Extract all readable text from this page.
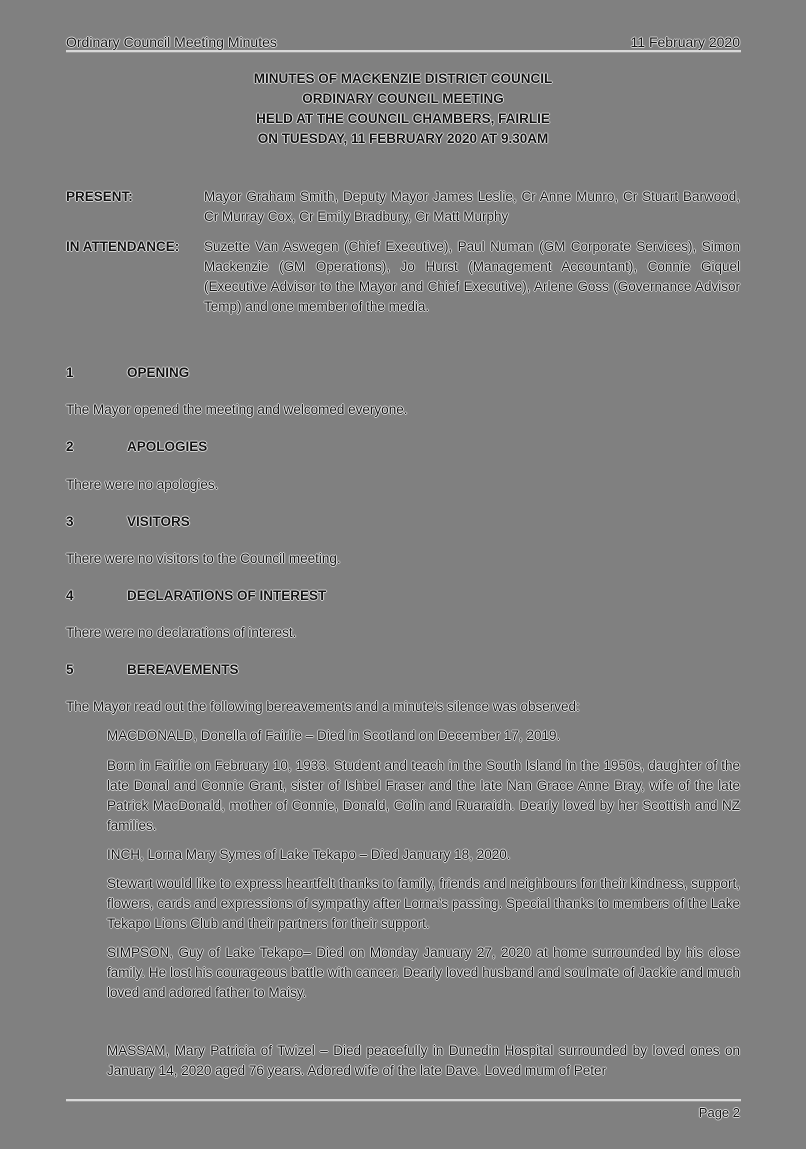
Ordinary Council Meeting Minutes	11 February 2020
MINUTES OF MACKENZIE DISTRICT COUNCIL
ORDINARY COUNCIL MEETING
HELD AT THE COUNCIL CHAMBERS, FAIRLIE
ON TUESDAY, 11 FEBRUARY 2020 AT 9.30AM
PRESENT:	Mayor Graham Smith, Deputy Mayor James Leslie, Cr Anne Munro, Cr Stuart Barwood, Cr Murray Cox, Cr Emily Bradbury, Cr Matt Murphy
IN ATTENDANCE:	Suzette Van Aswegen (Chief Executive), Paul Numan (GM Corporate Services), Simon Mackenzie (GM Operations), Jo Hurst (Management Accountant), Connie Giquel (Executive Advisor to the Mayor and Chief Executive), Arlene Goss (Governance Advisor Temp) and one member of the media.
1	OPENING
The Mayor opened the meeting and welcomed everyone.
2	APOLOGIES
There were no apologies.
3	VISITORS
There were no visitors to the Council meeting.
4	DECLARATIONS OF INTEREST
There were no declarations of interest.
5	BEREAVEMENTS
The Mayor read out the following bereavements and a minute’s silence was observed:
MACDONALD, Donella of Fairlie – Died in Scotland on December 17, 2019.
Born in Fairlie on February 10, 1933. Student and teach in the South Island in the 1950s, daughter of the late Donal and Connie Grant, sister of Ishbel Fraser and the late Nan Grace Anne Bray, wife of the late Patrick MacDonald, mother of Connie, Donald, Colin and Ruaraidh. Dearly loved by her Scottish and NZ families.
INCH, Lorna Mary Symes of Lake Tekapo – Died January 18, 2020.
Stewart would like to express heartfelt thanks to family, friends and neighbours for their kindness, support, flowers, cards and expressions of sympathy after Lorna’s passing. Special thanks to members of the Lake Tekapo Lions Club and their partners for their support.
SIMPSON, Guy of Lake Tekapo– Died on Monday January 27, 2020 at home surrounded by his close family. He lost his courageous battle with cancer. Dearly loved husband and soulmate of Jackie and much loved and adored father to Maisy.
MASSAM, Mary Patricia of Twizel – Died peacefully in Dunedin Hospital surrounded by loved ones on January 14, 2020 aged 76 years. Adored wife of the late Dave. Loved mum of Peter
Page 2
